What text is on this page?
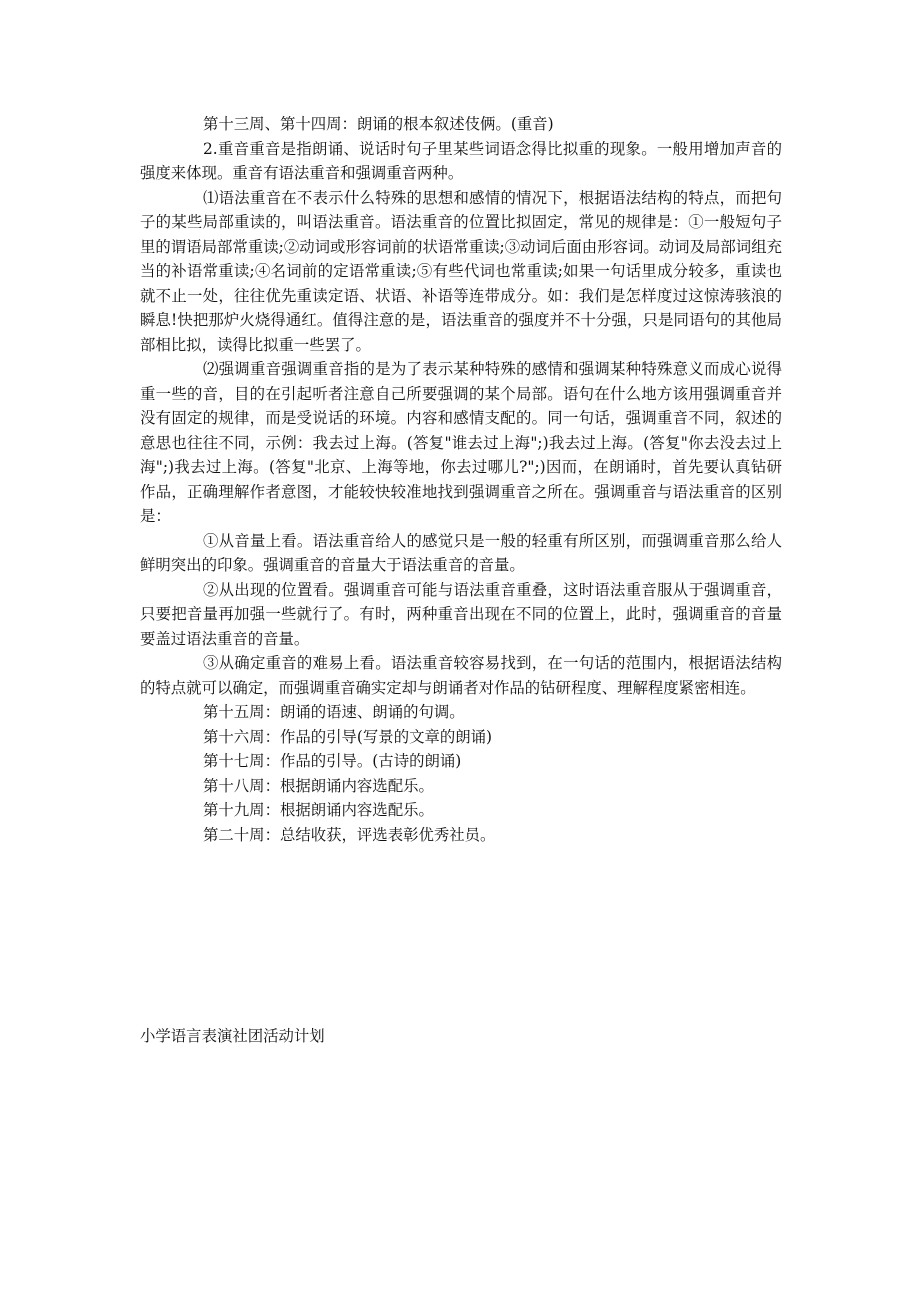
第十三周、第十四周：朗诵的根本叙述伎俩。(重音)

2.重音重音是指朗诵、说话时句子里某些词语念得比拟重的现象。一般用增加声音的强度来体现。重音有语法重音和强调重音两种。

⑴语法重音在不表示什么特殊的思想和感情的情况下，根据语法结构的特点，而把句子的某些局部重读的，叫语法重音。语法重音的位置比拟固定，常见的规律是：①一般短句子里的谓语局部常重读;②动词或形容词前的状语常重读;③动词后面由形容词。动词及局部词组充当的补语常重读;④名词前的定语常重读;⑤有些代词也常重读;如果一句话里成分较多，重读也就不止一处，往往优先重读定语、状语、补语等连带成分。如：我们是怎样度过这惊涛骇浪的瞬息!快把那炉火烧得通红。值得注意的是，语法重音的强度并不十分强，只是同语句的其他局部相比拟，读得比拟重一些罢了。

⑵强调重音强调重音指的是为了表示某种特殊的感情和强调某种特殊意义而成心说得重一些的音，目的在引起听者注意自己所要强调的某个局部。语句在什么地方该用强调重音并没有固定的规律，而是受说话的环境。内容和感情支配的。同一句话，强调重音不同，叙述的意思也往往不同，示例：我去过上海。(答复"谁去过上海";)我去过上海。(答复"你去没去过上海";)我去过上海。(答复"北京、上海等地，你去过哪儿?";)因而，在朗诵时，首先要认真钻研作品，正确理解作者意图，才能较快较准地找到强调重音之所在。强调重音与语法重音的区别是：

①从音量上看。语法重音给人的感觉只是一般的轻重有所区别，而强调重音那么给人鲜明突出的印象。强调重音的音量大于语法重音的音量。

②从出现的位置看。强调重音可能与语法重音重叠，这时语法重音服从于强调重音，只要把音量再加强一些就行了。有时，两种重音出现在不同的位置上，此时，强调重音的音量要盖过语法重音的音量。

③从确定重音的难易上看。语法重音较容易找到，在一句话的范围内，根据语法结构的特点就可以确定，而强调重音确实定却与朗诵者对作品的钻研程度、理解程度紧密相连。

第十五周：朗诵的语速、朗诵的句调。

第十六周：作品的引导(写景的文章的朗诵)

第十七周：作品的引导。(古诗的朗诵)

第十八周：根据朗诵内容选配乐。

第十九周：根据朗诵内容选配乐。

第二十周：总结收获，评选表彰优秀社员。

小学语言表演社团活动计划
